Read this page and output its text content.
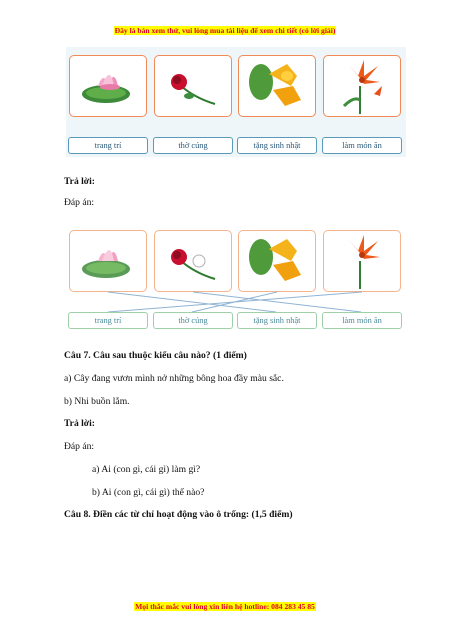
Đây là bản xem thử, vui lòng mua tài liệu để xem chi tiết (có lời giải)
trang trí	thờ cúng	tặng sinh nhật	làm món ăn
Trả lời:
Đáp án:
trang trí	thờ cúng	tặng sinh nhật	làm món ăn
Câu 7. Câu sau thuộc kiểu câu nào? (1 điểm)
a) Cây đang vươn mình nở những bông hoa đầy màu sắc.
b) Nhi buồn lắm.
Trả lời:
Đáp án:
a) Ai (con gì, cái gì) làm gì?
b) Ai (con gì, cái gì) thế nào?
Câu 8. Điền các từ chỉ hoạt động vào ô trống: (1,5 điểm)
Mọi thắc mắc vui lòng xin liên hệ hotline: 084 283 45 85
